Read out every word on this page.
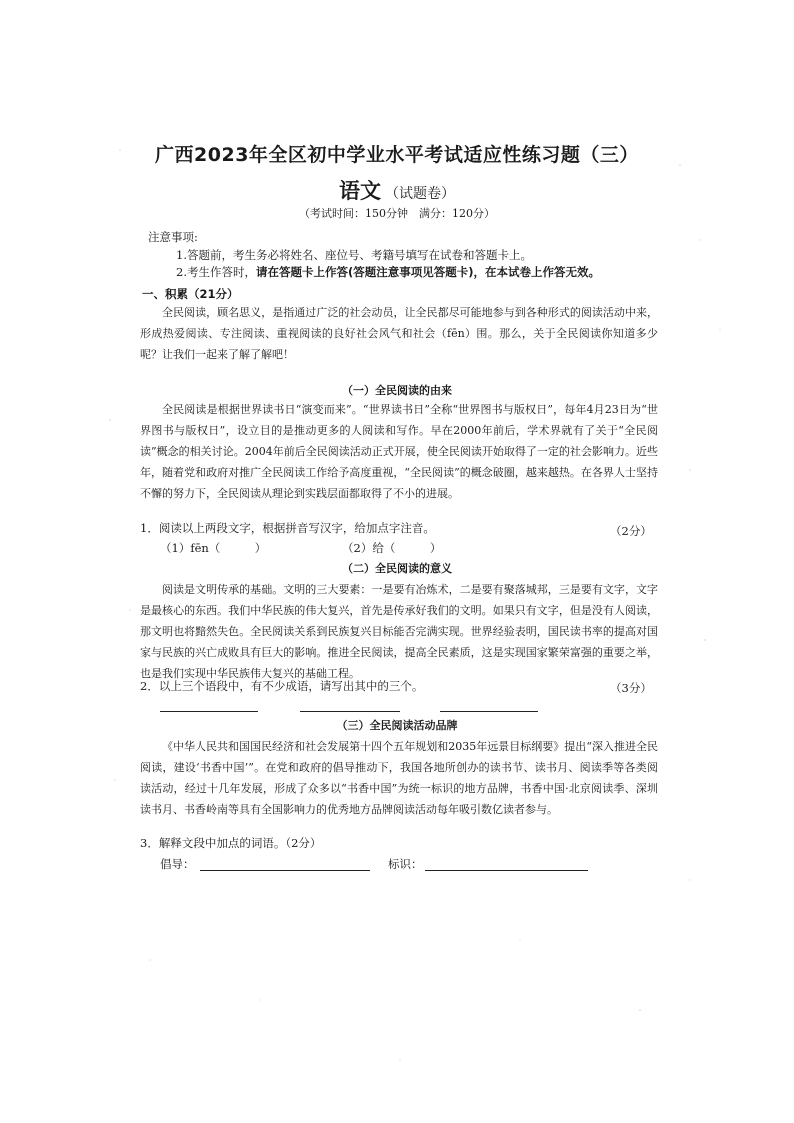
广西2023年全区初中学业水平考试适应性练习题（三）
语文 （试题卷）
（考试时间：150分钟　满分：120分）
注意事项:
1.答题前，考生务必将姓名、座位号、考籍号填写在试卷和答题卡上。
2.考生作答时，请在答题卡上作答(答题注意事项见答题卡)，在本试卷上作答无效。
一、积累（21分）
全民阅读，顾名思义，是指通过广泛的社会动员，让全民都尽可能地参与到各种形式的阅读活动中来，形成热爱阅读、专注阅读、重视阅读的良好社会风气和社会（fēn）围。那么，关于全民阅读你知道多少呢？让我们一起来了解了解吧！
（一）全民阅读的由来
全民阅读是根据世界读书日“演变而来”。“世界读书日”全称“世界图书与版权日”，每年4月23日为“世界图书与版权日”，设立目的是推动更多的人阅读和写作。早在2000年前后，学术界就有了关于“全民阅读”概念的相关讨论。2004年前后全民阅读活动正式开展，使全民阅读开始取得了一定的社会影响力。近些年，随着党和政府对推广全民阅读工作给予高度重视，“全民阅读”的概念破圈，越来越热。在各界人士坚持不懈的努力下，全民阅读从理论到实践层面都取得了不小的进展。
1．阅读以上两段文字，根据拼音写汉字，给加点字注音。	（2分）
（1）fēn（　　　）	（2）给（　　　）
（二）全民阅读的意义
阅读是文明传承的基础。文明的三大要素：一是要有冶炼术，二是要有聚落城邦，三是要有文字，文字是最核心的东西。我们中华民族的伟大复兴，首先是传承好我们的文明。如果只有文字，但是没有人阅读，那文明也将黯然失色。全民阅读关系到民族复兴目标能否完满实现。世界经验表明，国民读书率的提高对国家与民族的兴亡成败具有巨大的影响。推进全民阅读，提高全民素质，这是实现国家繁荣富强的重要之举，也是我们实现中华民族伟大复兴的基础工程。
2．以上三个语段中，有不少成语，请写出其中的三个。	（3分）
（三）全民阅读活动品牌
《中华人民共和国国民经济和社会发展第十四个五年规划和2035年远景目标纲要》提出“深入推进全民阅读，建设‘书香中国’”。在党和政府的倡导推动下，我国各地所创办的读书节、读书月、阅读季等各类阅读活动，经过十几年发展，形成了众多以“书香中国”为统一标识的地方品牌，书香中国·北京阅读季、深圳读书月、书香岭南等具有全国影响力的优秀地方品牌阅读活动每年吸引数亿读者参与。
3．解释文段中加点的词语。（2分）
倡导：	标识：
